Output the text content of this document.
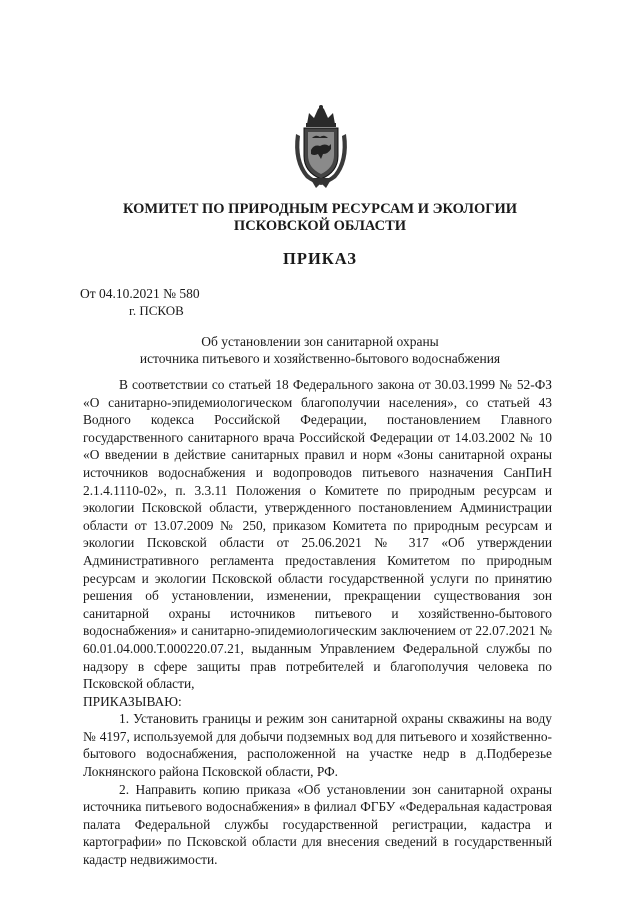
КОМИТЕТ ПО ПРИРОДНЫМ РЕСУРСАМ И ЭКОЛОГИИ
ПСКОВСКОЙ ОБЛАСТИ
ПРИКАЗ
От 04.10.2021 № 580
г. ПСКОВ
Об установлении зон санитарной охраны
источника питьевого и хозяйственно-бытового водоснабжения

В соответствии со статьей 18 Федерального закона от 30.03.1999 № 52-ФЗ «О санитарно-эпидемиологическом благополучии населения», со статьей 43 Водного кодекса Российской Федерации, постановлением Главного государственного санитарного врача Российской Федерации от 14.03.2002 № 10 «О введении в действие санитарных правил и норм «Зоны санитарной охраны источников водоснабжения и водопроводов питьевого назначения СанПиН 2.1.4.1110-02», п. 3.3.11 Положения о Комитете по природным ресурсам и экологии Псковской области, утвержденного постановлением Администрации области от 13.07.2009 № 250, приказом Комитета по природным ресурсам и экологии Псковской области от 25.06.2021 № 317 «Об утверждении Административного регламента предоставления Комитетом по природным ресурсам и экологии Псковской области государственной услуги по принятию решения об установлении, изменении, прекращении существования зон санитарной охраны источников питьевого и хозяйственно-бытового водоснабжения» и санитарно-эпидемиологическим заключением от 22.07.2021 № 60.01.04.000.Т.000220.07.21, выданным Управлением Федеральной службы по надзору в сфере защиты прав потребителей и благополучия человека по Псковской области,

ПРИКАЗЫВАЮ:

1. Установить границы и режим зон санитарной охраны скважины на воду № 4197, используемой для добычи подземных вод для питьевого и хозяйственно-бытового водоснабжения, расположенной на участке недр в д.Подберезье Локнянского района Псковской области, РФ.

2. Направить копию приказа «Об установлении зон санитарной охраны источника питьевого водоснабжения» в филиал ФГБУ «Федеральная кадастровая палата Федеральной службы государственной регистрации, кадастра и картографии» по Псковской области для внесения сведений в государственный кадастр недвижимости.
